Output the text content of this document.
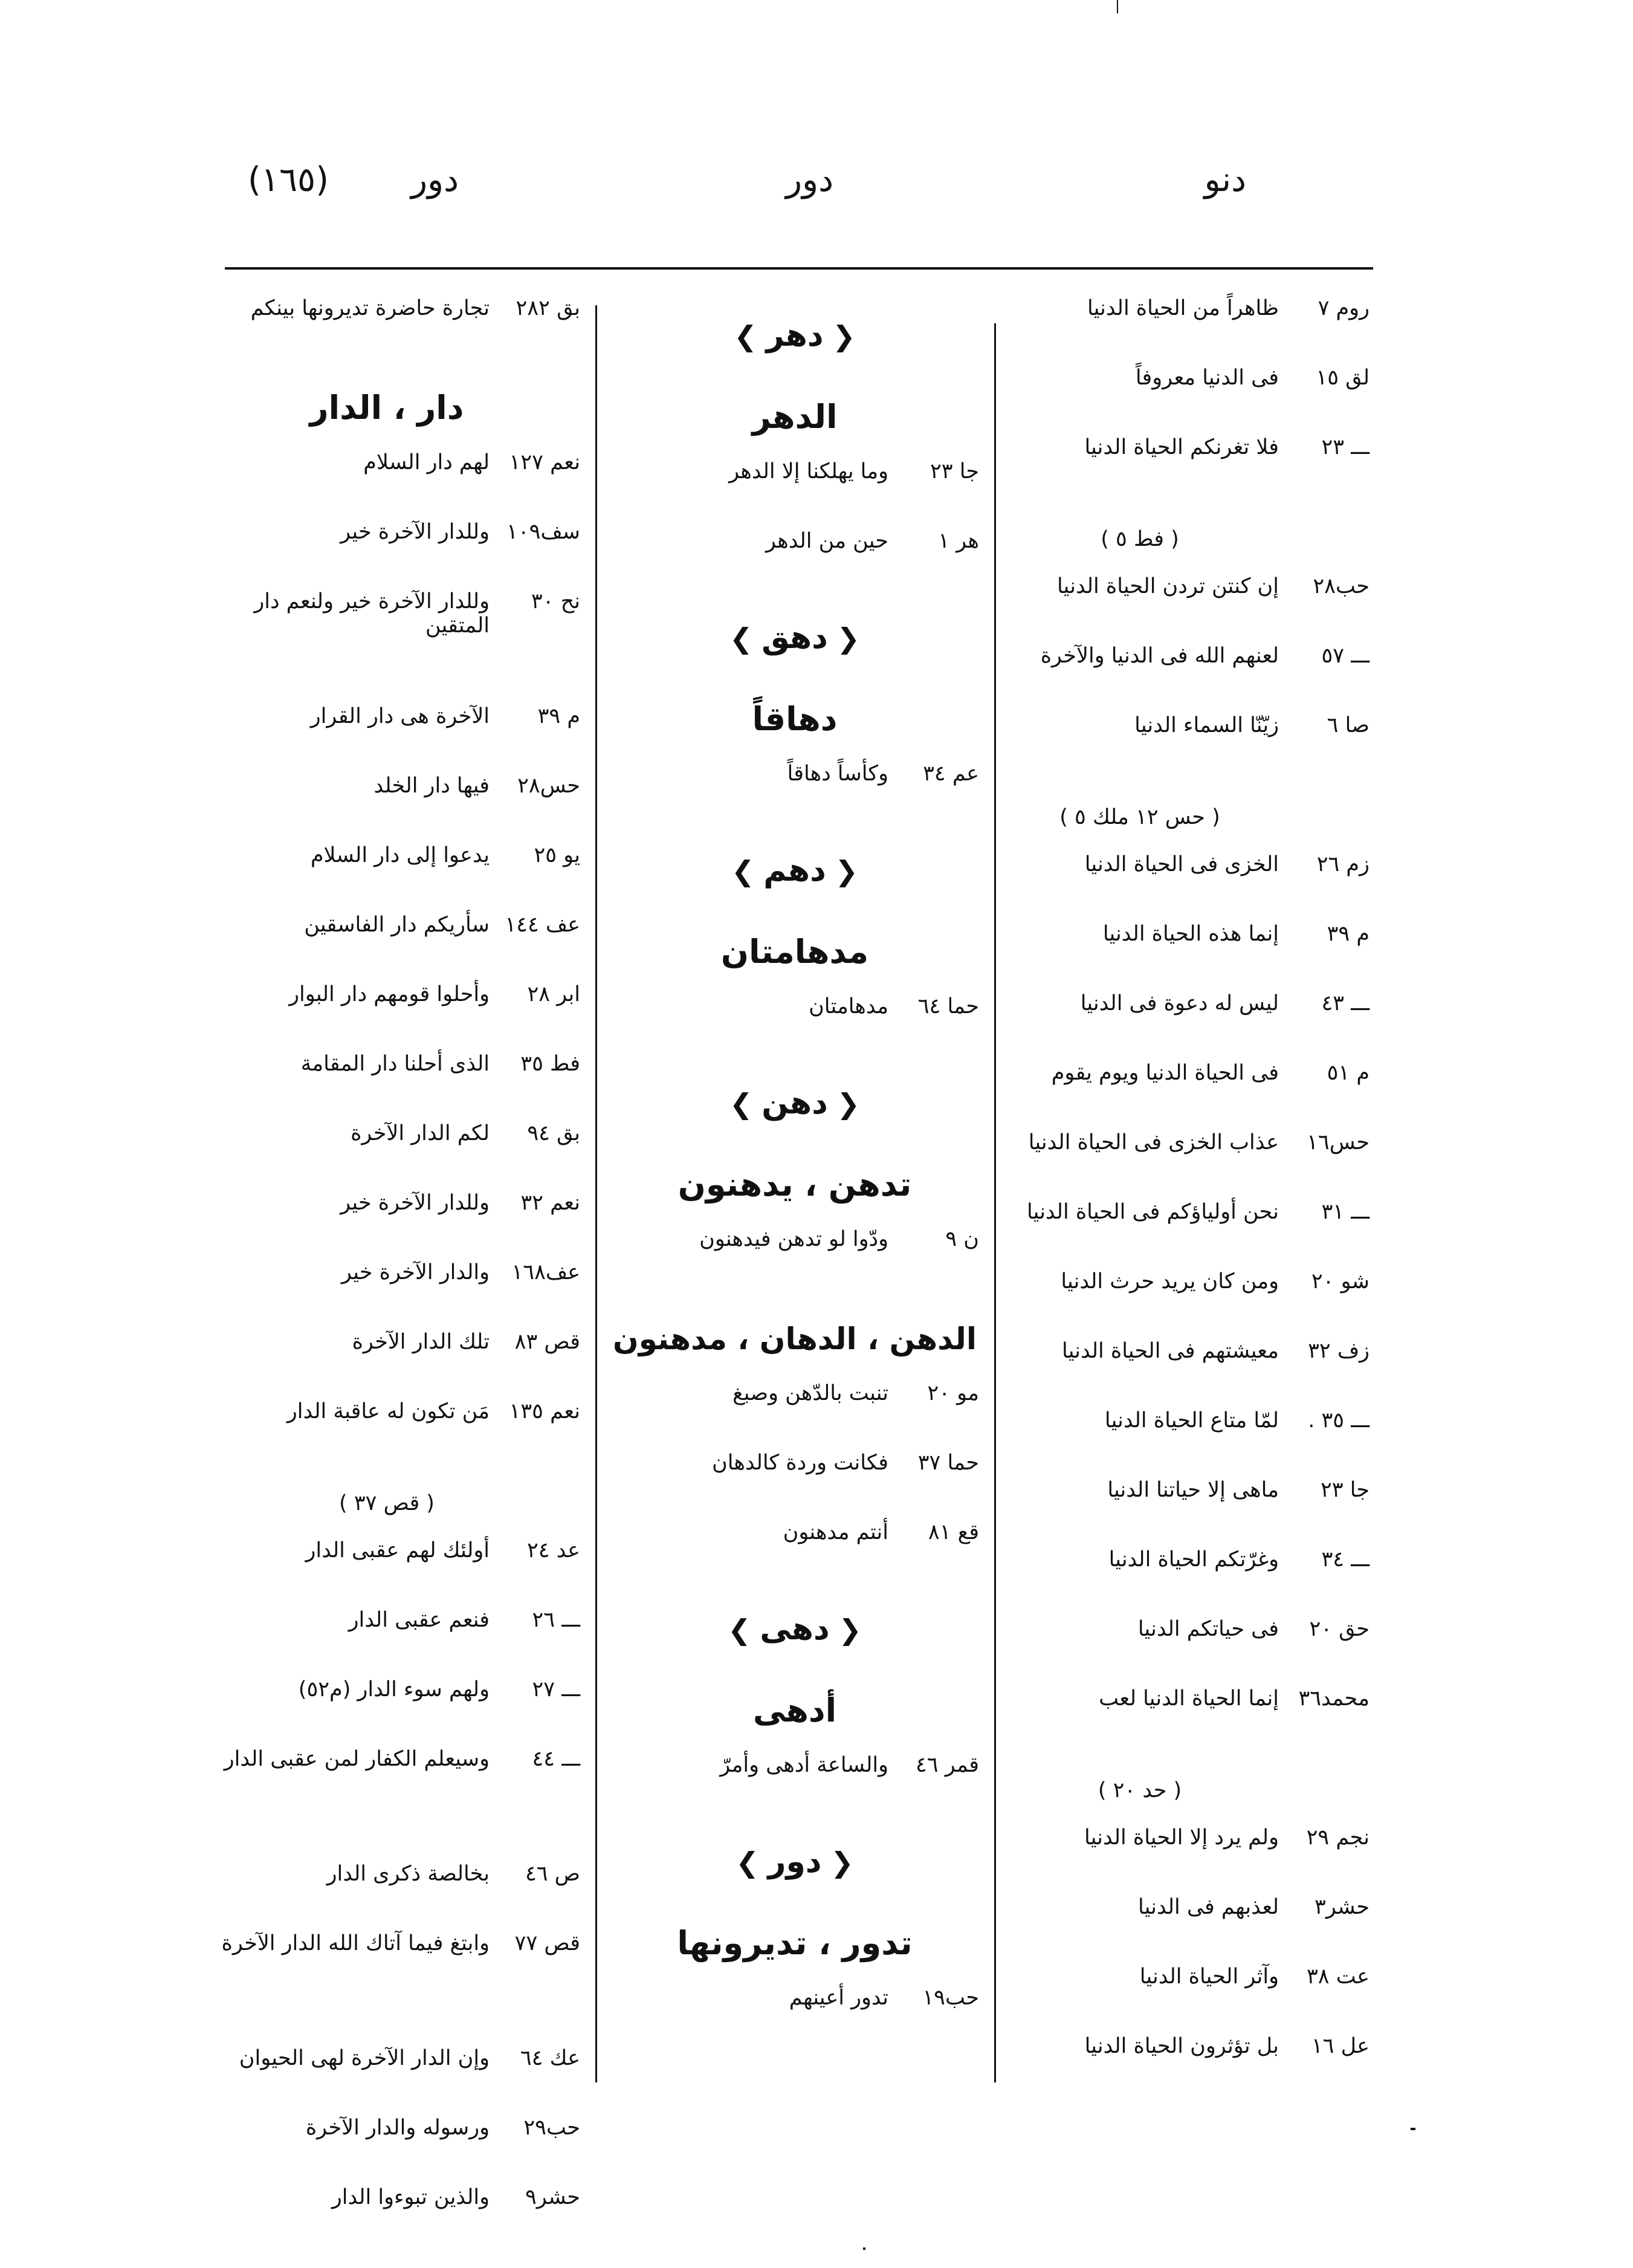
دنو
دور
دور
(١٦٥)
روم ٧
ظاهراً من الحياة الدنيا
لق ١٥
فى الدنيا معروفاً
ـــ ٢٣
فلا تغرنكم الحياة الدنيا
( فط ٥ )
حب٢٨
إن كنتن تردن الحياة الدنيا
ـــ ٥٧
لعنهم الله فى الدنيا والآخرة
صا ٦
زيّنّا السماء الدنيا
( حس ١٢ ملك ٥ )
زم ٢٦
الخزى فى الحياة الدنيا
م ٣٩
إنما هذه الحياة الدنيا
ـــ ٤٣
ليس له دعوة فى الدنيا
م ٥١
فى الحياة الدنيا ويوم يقوم
حس١٦
عذاب الخزى فى الحياة الدنيا
ـــ ٣١
نحن أولياؤكم فى الحياة الدنيا
شو ٢٠
ومن كان يريد حرث الدنيا
زف ٣٢
معيشتهم فى الحياة الدنيا
ـــ ٣٥ .
لمّا متاع الحياة الدنيا
جا ٢٣
ماهى إلا حياتنا الدنيا
ـــ ٣٤
وغرّتكم الحياة الدنيا
حق ٢٠
فى حياتكم الدنيا
محمد٣٦
إنما الحياة الدنيا لعب
( حد ٢٠ )
نجم ٢٩
ولم يرد إلا الحياة الدنيا
حشر٣
لعذبهم فى الدنيا
عت ٣٨
وآثر الحياة الدنيا
عل ١٦
بل تؤثرون الحياة الدنيا
❮ دهر ❯
الدهر
جا ٢٣
وما يهلكنا إلا الدهر
هر ١
حين من الدهر
❮ دهق ❯
دهاقاً
عم ٣٤
وكأساً دهاقاً
❮ دهم ❯
مدهامتان
حما ٦٤
مدهامتان
❮ دهن ❯
تدهن ، يدهنون
ن ٩
ودّوا لو تدهن فيدهنون
الدهن ، الدهان ، مدهنون
مو ٢٠
تنبت بالدّهن وصبغ
حما ٣٧
فكانت وردة كالدهان
قع ٨١
أنتم مدهنون
❮ دهى ❯
أدهى
قمر ٤٦
والساعة أدهى وأمرّ
❮ دور ❯
تدور ، تديرونها
حب١٩
تدور أعينهم
بق ٢٨٢
تجارة حاضرة تديرونها بينكم
دار ، الدار
نعم ١٢٧
لهم دار السلام
سف١٠٩
وللدار الآخرة خير
نح ٣٠
وللدار الآخرة خير ولنعم دار المتقين
م ٣٩
الآخرة هى دار القرار
حس٢٨
فيها دار الخلد
يو ٢٥
يدعوا إلى دار السلام
عف ١٤٤
سأريكم دار الفاسقين
ابر ٢٨
وأحلوا قومهم دار البوار
فط ٣٥
الذى أحلنا دار المقامة
بق ٩٤
لكم الدار الآخرة
نعم ٣٢
وللدار الآخرة خير
عف١٦٨
والدار الآخرة خير
قص ٨٣
تلك الدار الآخرة
نعم ١٣٥
مَن تكون له عاقبة الدار
( قص ٣٧ )
عد ٢٤
أولئك لهم عقبى الدار
ـــ ٢٦
فنعم عقبى الدار
ـــ ٢٧
ولهم سوء الدار (م٥٢)
ـــ ٤٤
وسيعلم الكفار لمن عقبى الدار
ص ٤٦
بخالصة ذكرى الدار
قص ٧٧
وابتغ فيما آتاك الله الدار الآخرة
عك ٦٤
وإن الدار الآخرة لهى الحيوان
حب٢٩
ورسوله والدار الآخرة
حشر٩
والذين تبوءوا الدار
